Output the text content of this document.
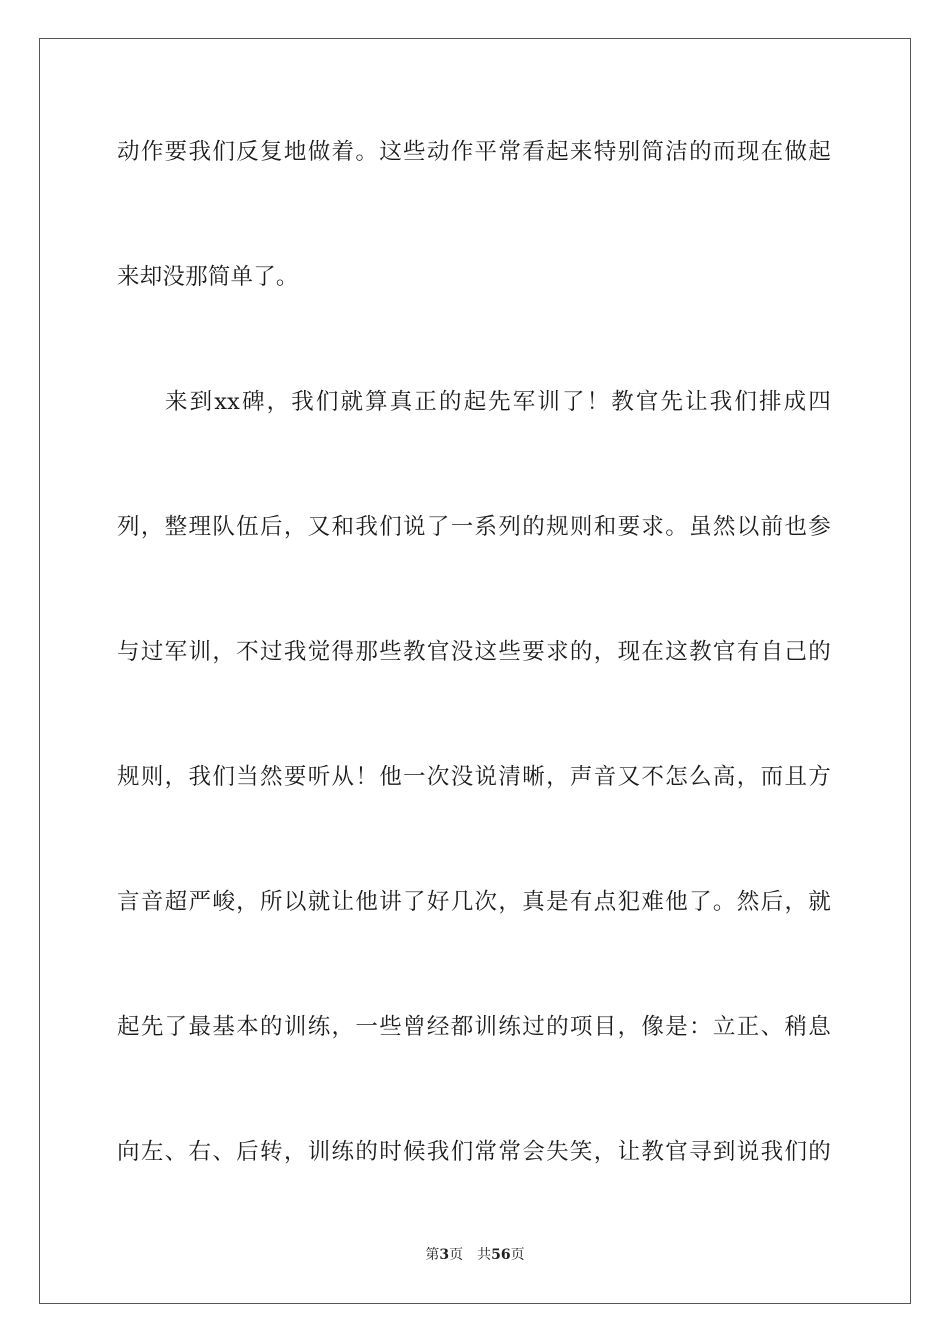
动作要我们反复地做着。这些动作平常看起来特别简洁的而现在做起
来却没那简单了。
来到xx碑，我们就算真正的起先军训了！教官先让我们排成四
列，整理队伍后，又和我们说了一系列的规则和要求。虽然以前也参
与过军训，不过我觉得那些教官没这些要求的，现在这教官有自己的
规则，我们当然要听从！他一次没说清晰，声音又不怎么高，而且方
言音超严峻，所以就让他讲了好几次，真是有点犯难他了。然后，就
起先了最基本的训练，一些曾经都训练过的项目，像是：立正、稍息
向左、右、后转，训练的时候我们常常会失笑，让教官寻到说我们的
第3页 共56页
